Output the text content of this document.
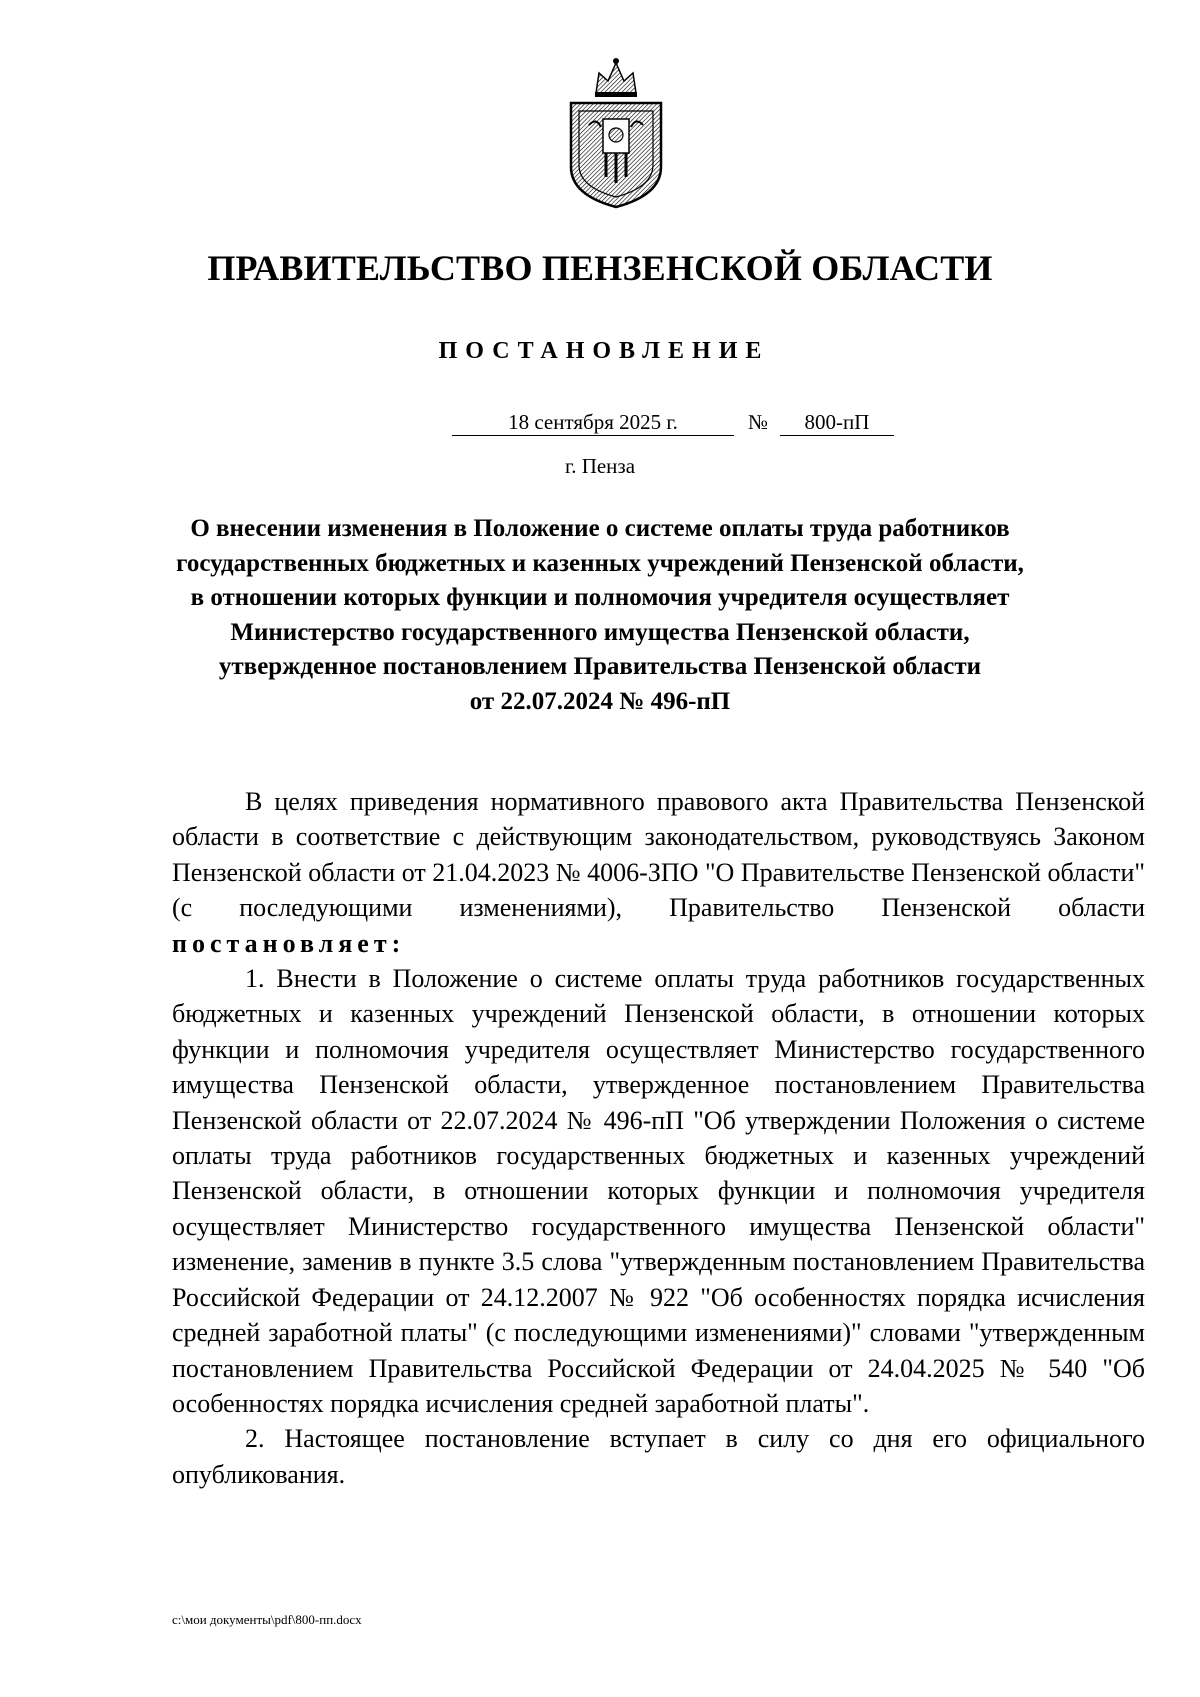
ПРАВИТЕЛЬСТВО ПЕНЗЕНСКОЙ ОБЛАСТИ
ПОСТАНОВЛЕНИЕ
18 сентября 2025 г.	№	800-пП
г. Пенза
О внесении изменения в Положение о системе оплаты труда работников
государственных бюджетных и казенных учреждений Пензенской области,
в отношении которых функции и полномочия учредителя осуществляет
Министерство государственного имущества Пензенской области,
утвержденное постановлением Правительства Пензенской области
от 22.07.2024 № 496-пП

В целях приведения нормативного правового акта Правительства Пензенской области в соответствие с действующим законодательством, руководствуясь Законом Пензенской области от 21.04.2023 № 4006-ЗПО "О Правительстве Пензенской области" (с последующими изменениями), Правительство Пензенской области постановляет:

1. Внести в Положение о системе оплаты труда работников государственных бюджетных и казенных учреждений Пензенской области, в отношении которых функции и полномочия учредителя осуществляет Министерство государственного имущества Пензенской области, утвержденное постановлением Правительства Пензенской области от 22.07.2024 № 496-пП "Об утверждении Положения о системе оплаты труда работников государственных бюджетных и казенных учреждений Пензенской области, в отношении которых функции и полномочия учредителя осуществляет Министерство государственного имущества Пензенской области" изменение, заменив в пункте 3.5 слова "утвержденным постановлением Правительства Российской Федерации от 24.12.2007 № 922 "Об особенностях порядка исчисления средней заработной платы" (с последующими изменениями)" словами "утвержденным постановлением Правительства Российской Федерации от 24.04.2025 № 540 "Об особенностях порядка исчисления средней заработной платы".

2. Настоящее постановление вступает в силу со дня его официального опубликования.

c:\мои документы\pdf\800-пп.docx
